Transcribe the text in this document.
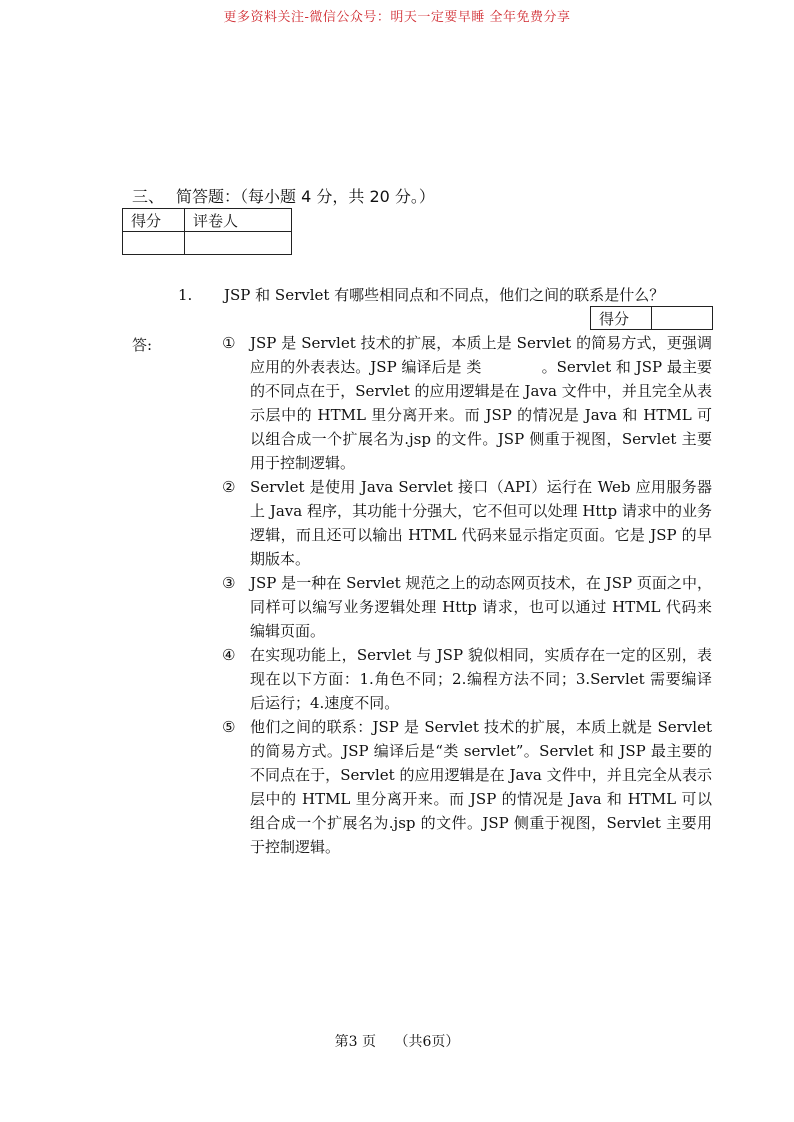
更多资料关注-微信公众号：明天一定要早睡 全年免费分享
三、 简答题：（每小题 4 分，共 20 分。）
得分	评卷人

1. JSP 和 Servlet 有哪些相同点和不同点，他们之间的联系是什么？
得分	
答:	① JSP 是 Servlet 技术的扩展，本质上是 Servlet 的简易方式，更强调应用的外表表达。JSP 编译后是 类　　　　。Servlet 和 JSP 最主要的不同点在于，Servlet 的应用逻辑是在 Java 文件中，并且完全从表示层中的 HTML 里分离开来。而 JSP 的情况是 Java 和 HTML 可以组合成一个扩展名为.jsp 的文件。JSP 侧重于视图，Servlet 主要用于控制逻辑。
② Servlet 是使用 Java Servlet 接口（API）运行在 Web 应用服务器上 Java 程序，其功能十分强大，它不但可以处理 Http 请求中的业务逻辑，而且还可以输出 HTML 代码来显示指定页面。它是 JSP 的早期版本。
③ JSP 是一种在 Servlet 规范之上的动态网页技术，在 JSP 页面之中，同样可以编写业务逻辑处理 Http 请求，也可以通过 HTML 代码来编辑页面。
④ 在实现功能上，Servlet 与 JSP 貌似相同，实质存在一定的区别，表现在以下方面：1.角色不同；2.编程方法不同；3.Servlet 需要编译后运行；4.速度不同。
⑤ 他们之间的联系：JSP 是 Servlet 技术的扩展，本质上就是 Servlet 的简易方式。JSP 编译后是“类 servlet”。Servlet 和 JSP 最主要的不同点在于，Servlet 的应用逻辑是在 Java 文件中，并且完全从表示层中的 HTML 里分离开来。而 JSP 的情况是 Java 和 HTML 可以组合成一个扩展名为.jsp 的文件。JSP 侧重于视图，Servlet 主要用于控制逻辑。
第3 页　 （共6页）
